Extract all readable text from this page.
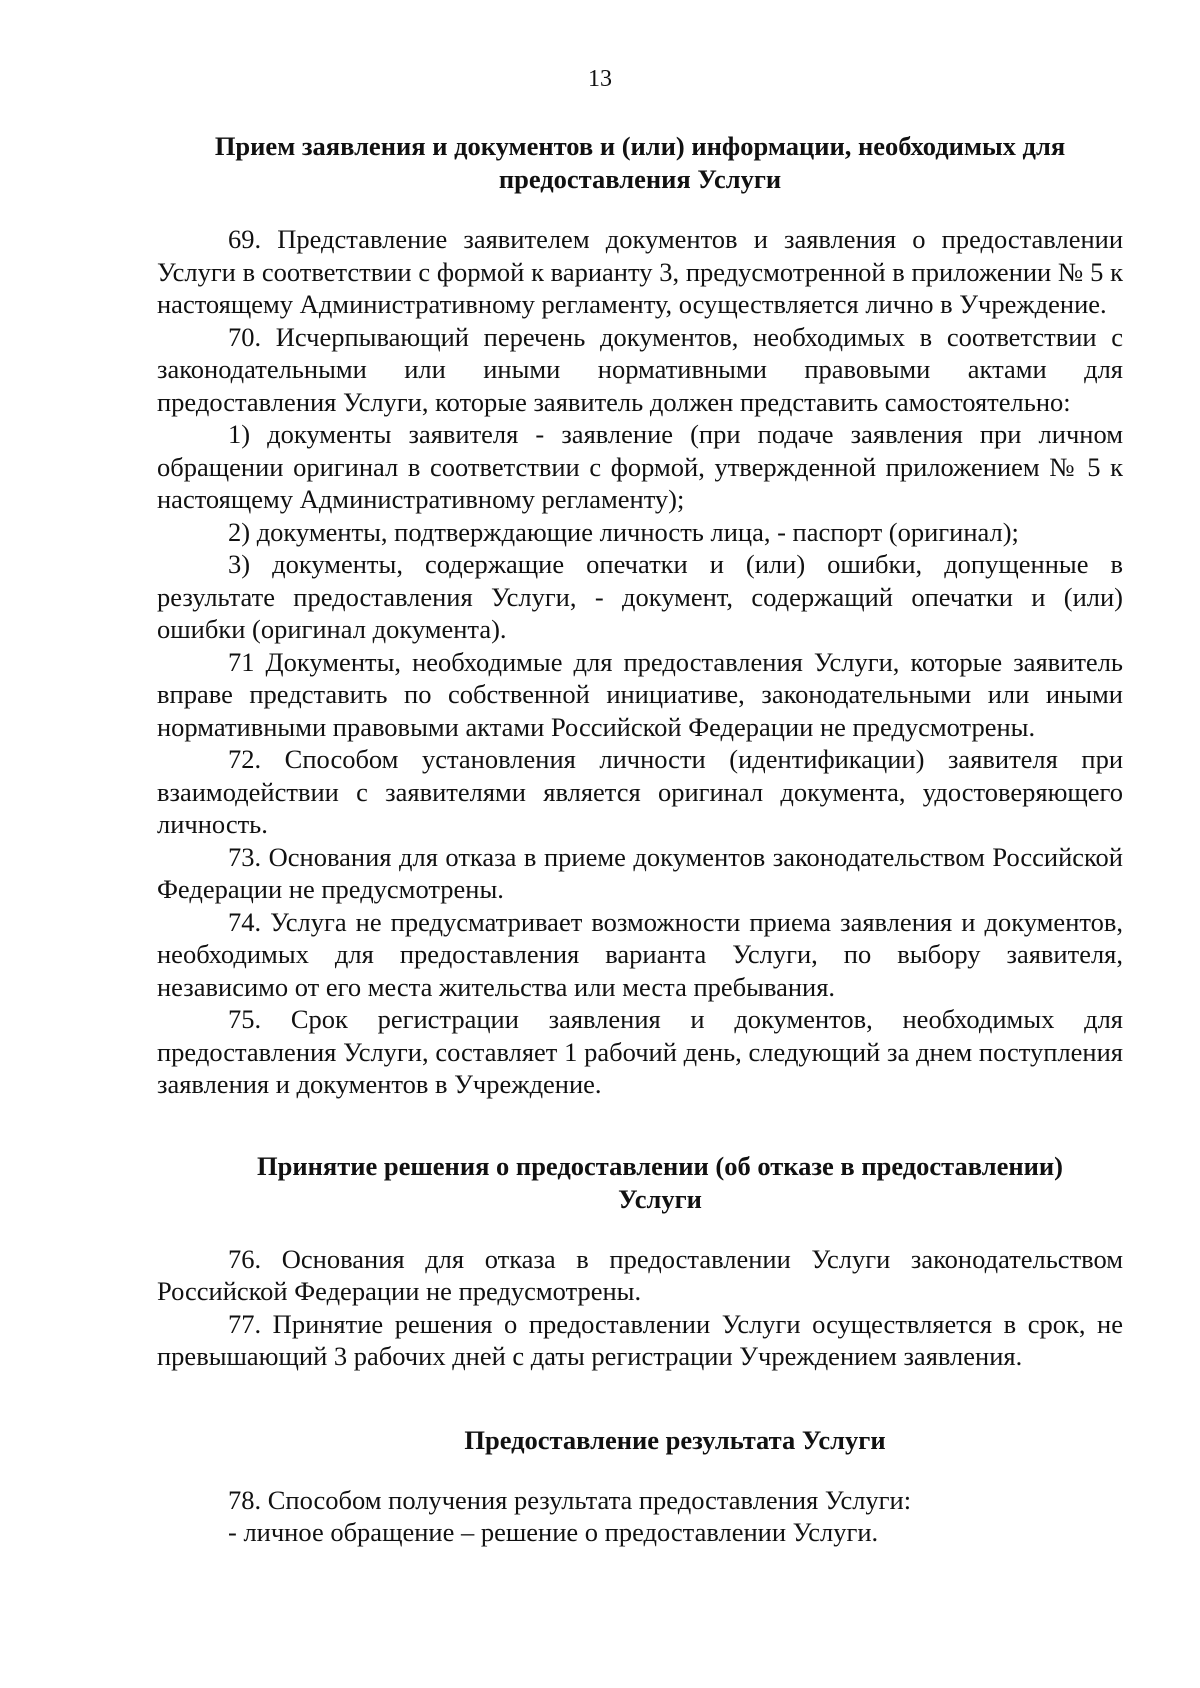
13
Прием заявления и документов и (или) информации, необходимых для предоставления Услуги

69. Представление заявителем документов и заявления о предоставлении Услуги в соответствии с формой к варианту 3, предусмотренной в приложении № 5 к настоящему Административному регламенту, осуществляется лично в Учреждение.

70. Исчерпывающий перечень документов, необходимых в соответствии с законодательными или иными нормативными правовыми актами для предоставления Услуги, которые заявитель должен представить самостоятельно:

1) документы заявителя - заявление (при подаче заявления при личном обращении оригинал в соответствии с формой, утвержденной приложением № 5 к настоящему Административному регламенту);

2) документы, подтверждающие личность лица, - паспорт (оригинал);

3) документы, содержащие опечатки и (или) ошибки, допущенные в результате предоставления Услуги, - документ, содержащий опечатки и (или) ошибки (оригинал документа).

71 Документы, необходимые для предоставления Услуги, которые заявитель вправе представить по собственной инициативе, законодательными или иными нормативными правовыми актами Российской Федерации не предусмотрены.

72. Способом установления личности (идентификации) заявителя при взаимодействии с заявителями является оригинал документа, удостоверяющего личность.

73. Основания для отказа в приеме документов законодательством Российской Федерации не предусмотрены.

74. Услуга не предусматривает возможности приема заявления и документов, необходимых для предоставления варианта Услуги, по выбору заявителя, независимо от его места жительства или места пребывания.

75. Срок регистрации заявления и документов, необходимых для предоставления Услуги, составляет 1 рабочий день, следующий за днем поступления заявления и документов в Учреждение.

Принятие решения о предоставлении (об отказе в предоставлении) Услуги

76. Основания для отказа в предоставлении Услуги законодательством Российской Федерации не предусмотрены.

77. Принятие решения о предоставлении Услуги осуществляется в срок, не превышающий 3 рабочих дней с даты регистрации Учреждением заявления.

Предоставление результата Услуги

78. Способом получения результата предоставления Услуги:

- личное обращение – решение о предоставлении Услуги.
